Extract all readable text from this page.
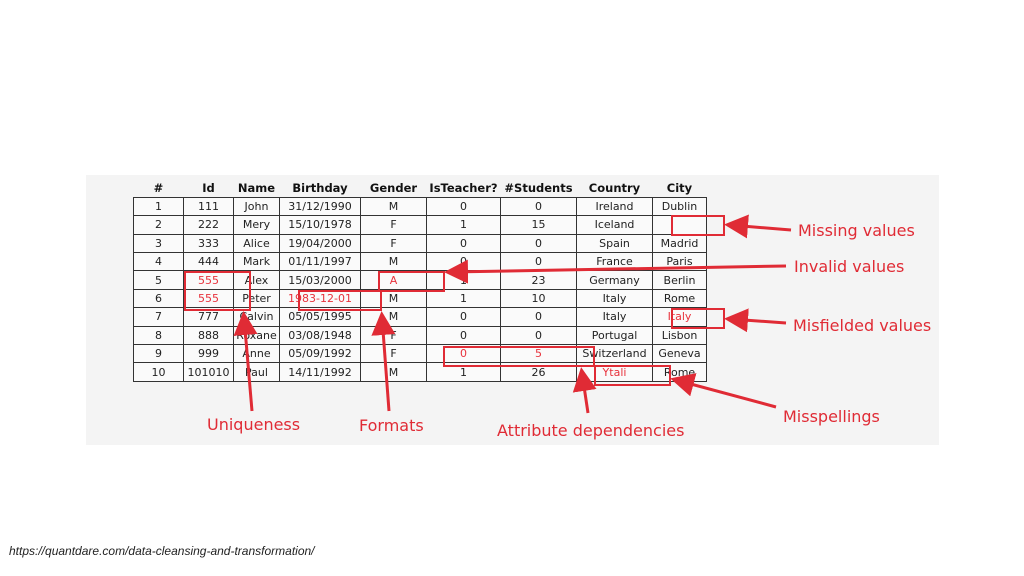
#	Id	Name	Birthday	Gender	IsTeacher?	#Students	Country	City
1	111	John	31/12/1990	M	0	0	Ireland	Dublin
2	222	Mery	15/10/1978	F	1	15	Iceland	
3	333	Alice	19/04/2000	F	0	0	Spain	Madrid
4	444	Mark	01/11/1997	M	0	0	France	Paris
5	555	Alex	15/03/2000	A	1	23	Germany	Berlin
6	555	Peter	1983-12-01	M	1	10	Italy	Rome
7	777	Calvin	05/05/1995	M	0	0	Italy	Italy
8	888	Roxane	03/08/1948	F	0	0	Portugal	Lisbon
9	999	Anne	05/09/1992	F	0	5	Switzerland	Geneva
10	101010	Paul	14/11/1992	M	1	26	Ytali	Rome
Missing values
Invalid values
Misfielded values
Misspellings
Uniqueness	Formats	Attribute dependencies
https://quantdare.com/data-cleansing-and-transformation/
